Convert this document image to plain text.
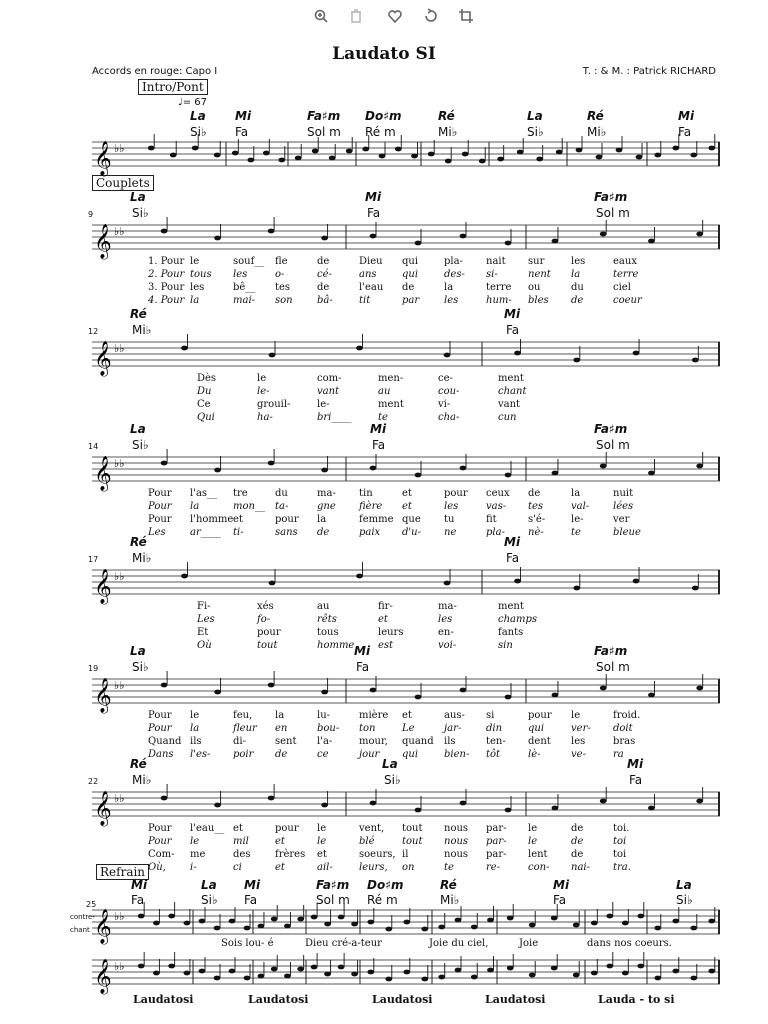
Laudato SI
Accords en rouge: Capo I	T. : & M. : Patrick RICHARD
Intro/Pont
Couplets
Refrain
♩= 67
La Mi	Fa♯m Do♯m	Ré	La	Ré	Mi
Si♭ Fa	Sol m Ré m	Mi♭	Si♭	Mi♭	Fa
𝄞 ♭♭
9
La	Mi	Fa♯m
Si♭	Fa	Sol m
𝄞 ♭♭
1. Pour le	souf__ fle	de	Dieu qui	pla- nait sur	les	eaux
2. Pour tous les	o-	cé-	ans	qui	des- si-	nent la	terre
3. Pour les	bê__ tes	de	l'eau de	la	terre ou	du	ciel
4. Pour la	mai- son bâ-	tit	par les	hum- bles de	coeur
12
Ré	Mi
Mi♭	Fa
𝄞 ♭♭
Dès	le	com-	men-	ce-	ment
Du	le-	vant	au	cou-	chant
Ce	grouil-	le-	ment	vi-	vant
Qui	ha-	bri____	te	cha-	cun
14
La	Mi	Fa♯m
Si♭	Fa	Sol m
𝄞 ♭♭
Pour l'as__ tre	du	ma- tin	et	pour ceux de	la	nuit
Pour la	mon__ ta-	gne fière et	les	vas- tes	val- lées
Pour l'homme et	pour la	femme que tu	fit	s'é-	le-	ver
Les ar____ ti-	sans de	paix d'u- ne	pla- nè-	te	bleue
17
Ré	Mi
Mi♭	Fa
𝄞 ♭♭
Fi-	xés	au	fir-	ma-	ment
Les	fo-	rêts	et	les	champs
Et	pour	tous	leurs	en-	fants
Où	tout	homme est	voi-	sin
19
La	Mi	Fa♯m
Si♭	Fa	Sol m
𝄞 ♭♭
Pour le	feu, la	lu-	mière et	aus- si	pour le	froid.
Pour la	fleur en	bou- ton	Le	jar- din	qui	ver- doit
Quand ils	di-	sent l'a-	mour, quand ils	ten- dent les	bras
Dans l'es- poir de	ce	jour qui	bien- tôt	lè-	ve-	ra
22
Ré	La	Mi
Mi♭	Si♭	Fa
𝄞 ♭♭
Pour l'eau__ et	pour le	vent, tout nous par- le	de	toi.
Pour le	mil	et	le	blé	tout nous par- le	de	toi
Com- me	des frères et	soeurs, il	nous par- lent de	toi
Où, i-	ci	et	ail-	leurs, on	te	re-	con- nai- tra.
25
Mi	La Mi	Fa♯m Do♯m	Ré	Mi	La
Fa	Si♭ Fa	Sol m Ré m	Mi♭	Fa	Si♭
contre-
chant 𝄞 ♭♭
Sois lou- é	Dieu cré-a-teur	Joie du ciel,	Joie	dans nos coeurs.
𝄞 ♭♭
Laudatosi	Laudatosi	Laudatosi	Laudatosi	Lauda - to si
